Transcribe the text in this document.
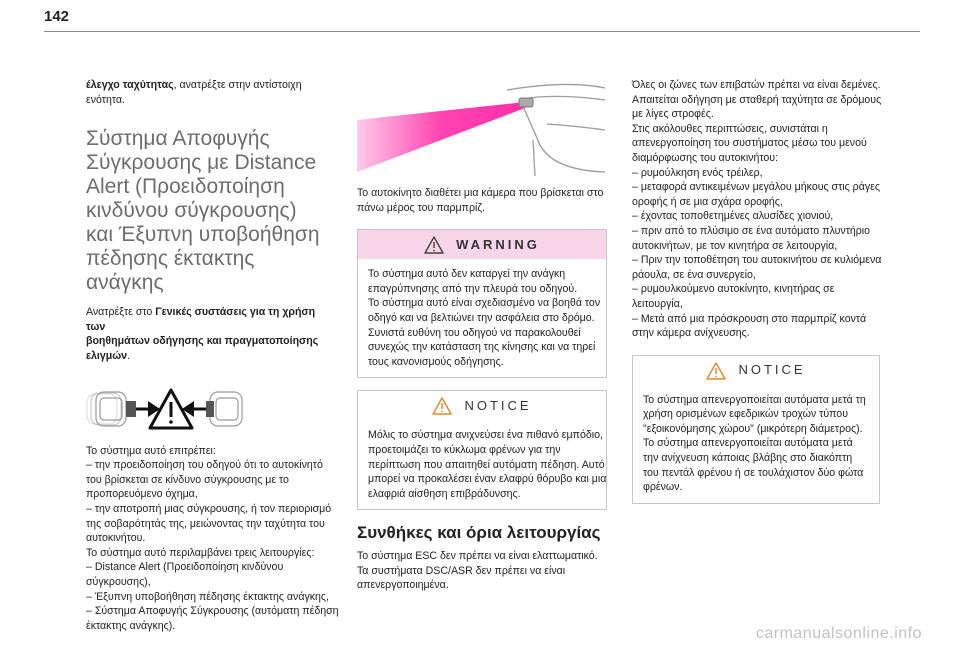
142

έλεγχο ταχύτητας, ανατρέξτε στην αντίστοιχη
ενότητα.

Σύστημα Αποφυγής
Σύγκρουσης με Distance
Alert (Προειδοποίηση
κινδύνου σύγκρουσης)
και Έξυπνη υποβοήθηση
πέδησης έκτακτης ανάγκης

Ανατρέξτε στο Γενικές συστάσεις για τη χρήση των
βοηθημάτων οδήγησης και πραγματοποίησης
ελιγμών.

Το σύστημα αυτό επιτρέπει:
– την προειδοποίηση του οδηγού ότι το αυτοκίνητό
του βρίσκεται σε κίνδυνο σύγκρουσης με το
προπορευόμενο όχημα,
– την αποτροπή μιας σύγκρουσης, ή τον περιορισμό
της σοβαρότητάς της, μειώνοντας την ταχύτητα του
αυτοκινήτου.
Το σύστημα αυτό περιλαμβάνει τρεις λειτουργίες:
– Distance Alert (Προειδοποίηση κινδύνου
σύγκρουσης),
– Έξυπνη υποβοήθηση πέδησης έκτακτης ανάγκης,
– Σύστημα Αποφυγής Σύγκρουσης (αυτόματη πέδηση
έκτακτης ανάγκης).
Το αυτοκίνητο διαθέτει μια κάμερα που βρίσκεται στο
πάνω μέρος του παρμπρίζ.
WARNING
Το σύστημα αυτό δεν καταργεί την ανάγκη
επαγρύπνησης από την πλευρά του οδηγού.
Το σύστημα αυτό είναι σχεδιασμένο να βοηθά τον
οδηγό και να βελτιώνει την ασφάλεια στο δρόμο.
Συνιστά ευθύνη του οδηγού να παρακολουθεί
συνεχώς την κατάσταση της κίνησης και να τηρεί
τους κανονισμούς οδήγησης.
NOTICE
Μόλις το σύστημα ανιχνεύσει ένα πιθανό εμπόδιο,
προετοιμάζει το κύκλωμα φρένων για την
περίπτωση που απαιτηθεί αυτόματη πέδηση. Αυτό
μπορεί να προκαλέσει έναν ελαφρύ θόρυβο και μια
ελαφριά αίσθηση επιβράδυνσης.
Συνθήκες και όρια λειτουργίας
Το σύστημα ESC δεν πρέπει να είναι ελαττωματικό.
Τα συστήματα DSC/ASR δεν πρέπει να είναι
απενεργοποιημένα.
Όλες οι ζώνες των επιβατών πρέπει να είναι δεμένες.
Απαιτείται οδήγηση με σταθερή ταχύτητα σε δρόμους
με λίγες στροφές.
Στις ακόλουθες περιπτώσεις, συνιστάται η
απενεργοποίηση του συστήματος μέσω του μενού
διαμόρφωσης του αυτοκινήτου:
– ρυμούλκηση ενός τρέιλερ,
– μεταφορά αντικειμένων μεγάλου μήκους στις ράγες
οροφής ή σε μια σχάρα οροφής,
– έχοντας τοποθετημένες αλυσίδες χιονιού,
– πριν από το πλύσιμο σε ένα αυτόματο πλυντήριο
αυτοκινήτων, με τον κινητήρα σε λειτουργία,
– Πριν την τοποθέτηση του αυτοκινήτου σε κυλιόμενα
ράουλα, σε ένα συνεργείο,
– ρυμουλκούμενο αυτοκίνητο, κινητήρας σε
λειτουργία,
– Μετά από μια πρόσκρουση στο παρμπρίζ κοντά
στην κάμερα ανίχνευσης.
NOTICE
Το σύστημα απενεργοποιείται αυτόματα μετά τη
χρήση ορισμένων εφεδρικών τροχών τύπου
"εξοικονόμησης χώρου" (μικρότερη διάμετρος).
Το σύστημα απενεργοποιείται αυτόματα μετά
την ανίχνευση κάποιας βλάβης στο διακόπτη
του πεντάλ φρένου ή σε τουλάχιστον δύο φώτα
φρένων.
carmanualsonline.info
